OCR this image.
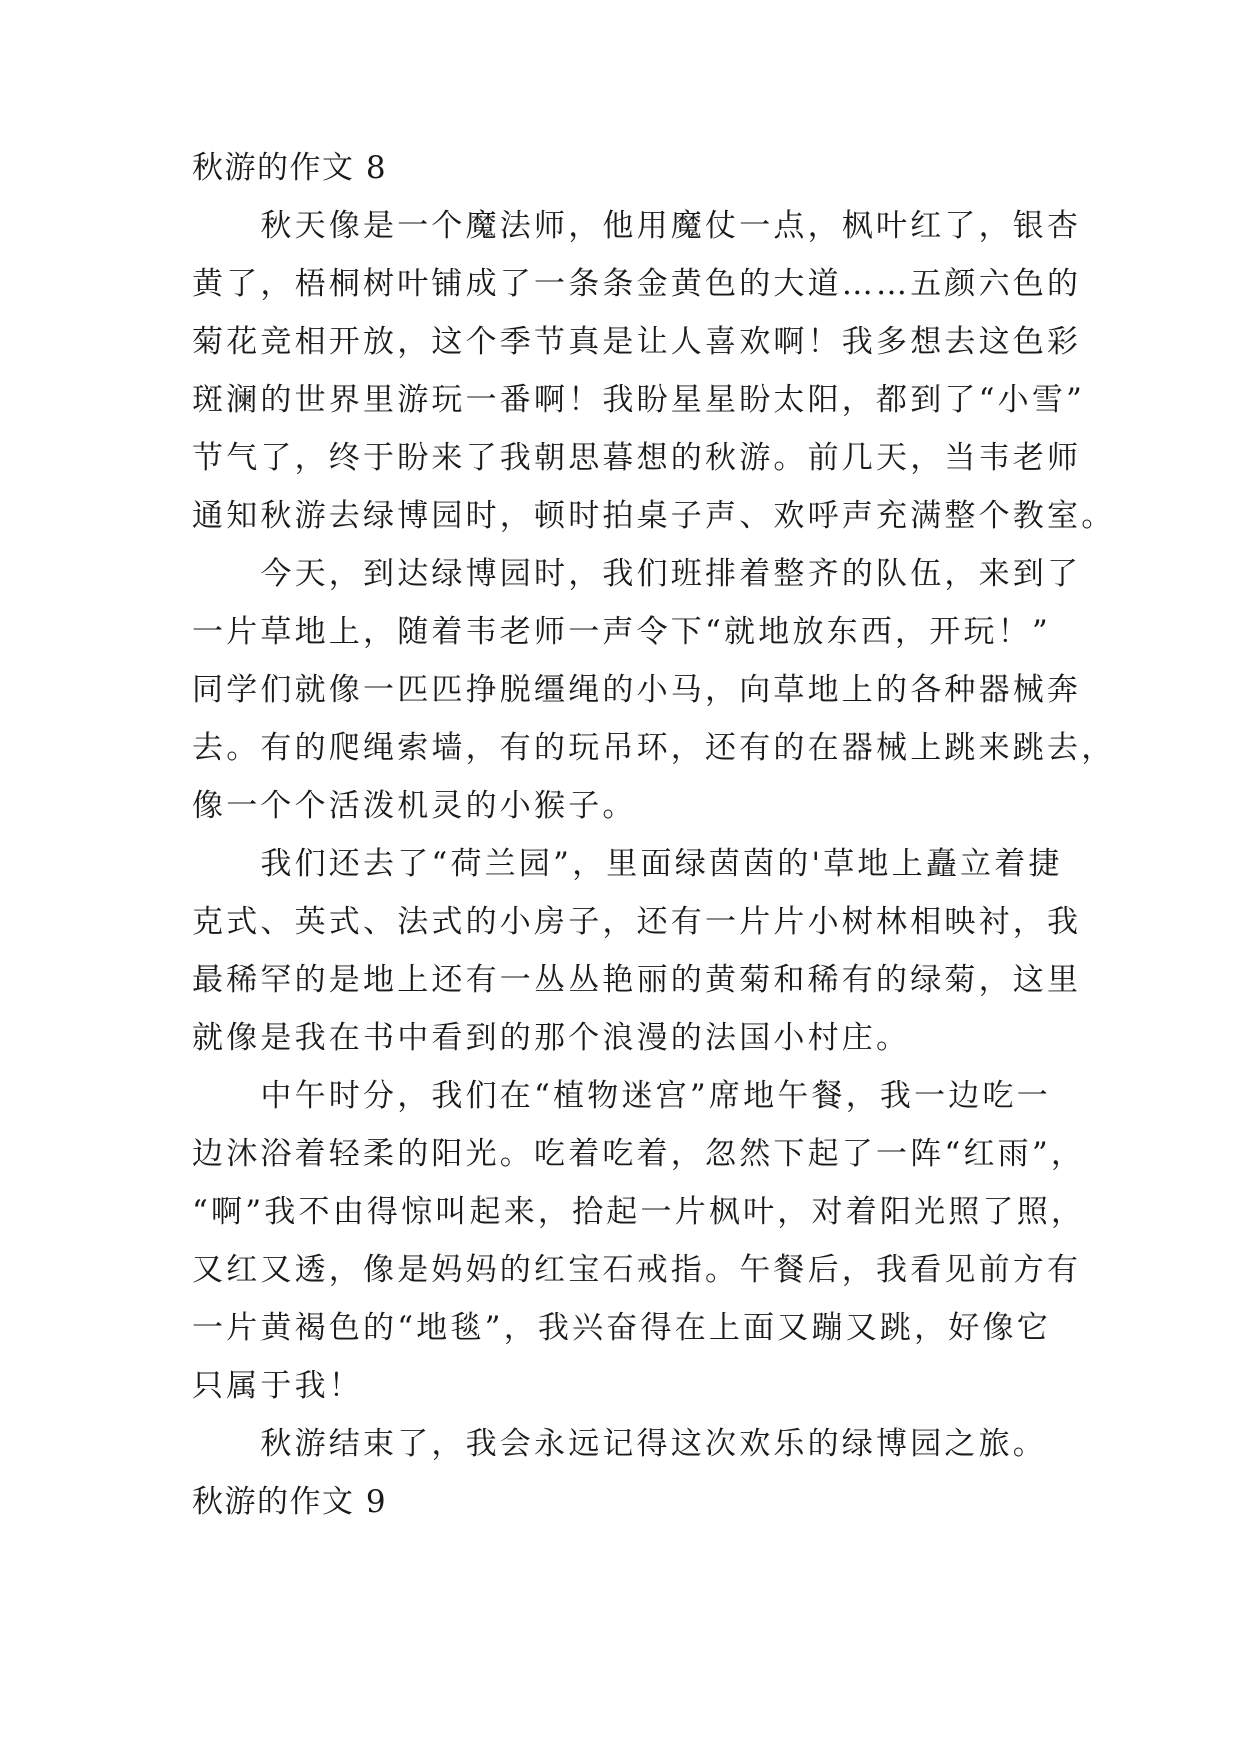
秋游的作文 8

　　秋天像是一个魔法师，他用魔仗一点，枫叶红了，银杏

黄了，梧桐树叶铺成了一条条金黄色的大道……五颜六色的

菊花竞相开放，这个季节真是让人喜欢啊！我多想去这色彩

斑澜的世界里游玩一番啊！我盼星星盼太阳，都到了“小雪”

节气了，终于盼来了我朝思暮想的秋游。前几天，当韦老师

通知秋游去绿博园时，顿时拍桌子声、欢呼声充满整个教室。

　　今天，到达绿博园时，我们班排着整齐的队伍，来到了

一片草地上，随着韦老师一声令下“就地放东西，开玩！”

同学们就像一匹匹挣脱缰绳的小马，向草地上的各种器械奔

去。有的爬绳索墙，有的玩吊环，还有的在器械上跳来跳去，

像一个个活泼机灵的小猴子。

　　我们还去了“荷兰园”，里面绿茵茵的'草地上矗立着捷

克式、英式、法式的小房子，还有一片片小树林相映衬，我

最稀罕的是地上还有一丛丛艳丽的黄菊和稀有的绿菊，这里

就像是我在书中看到的那个浪漫的法国小村庄。

　　中午时分，我们在“植物迷宫”席地午餐，我一边吃一

边沐浴着轻柔的阳光。吃着吃着，忽然下起了一阵“红雨”，

“啊”我不由得惊叫起来，拾起一片枫叶，对着阳光照了照，

又红又透，像是妈妈的红宝石戒指。午餐后，我看见前方有

一片黄褐色的“地毯”，我兴奋得在上面又蹦又跳，好像它

只属于我！

　　秋游结束了，我会永远记得这次欢乐的绿博园之旅。

秋游的作文 9
